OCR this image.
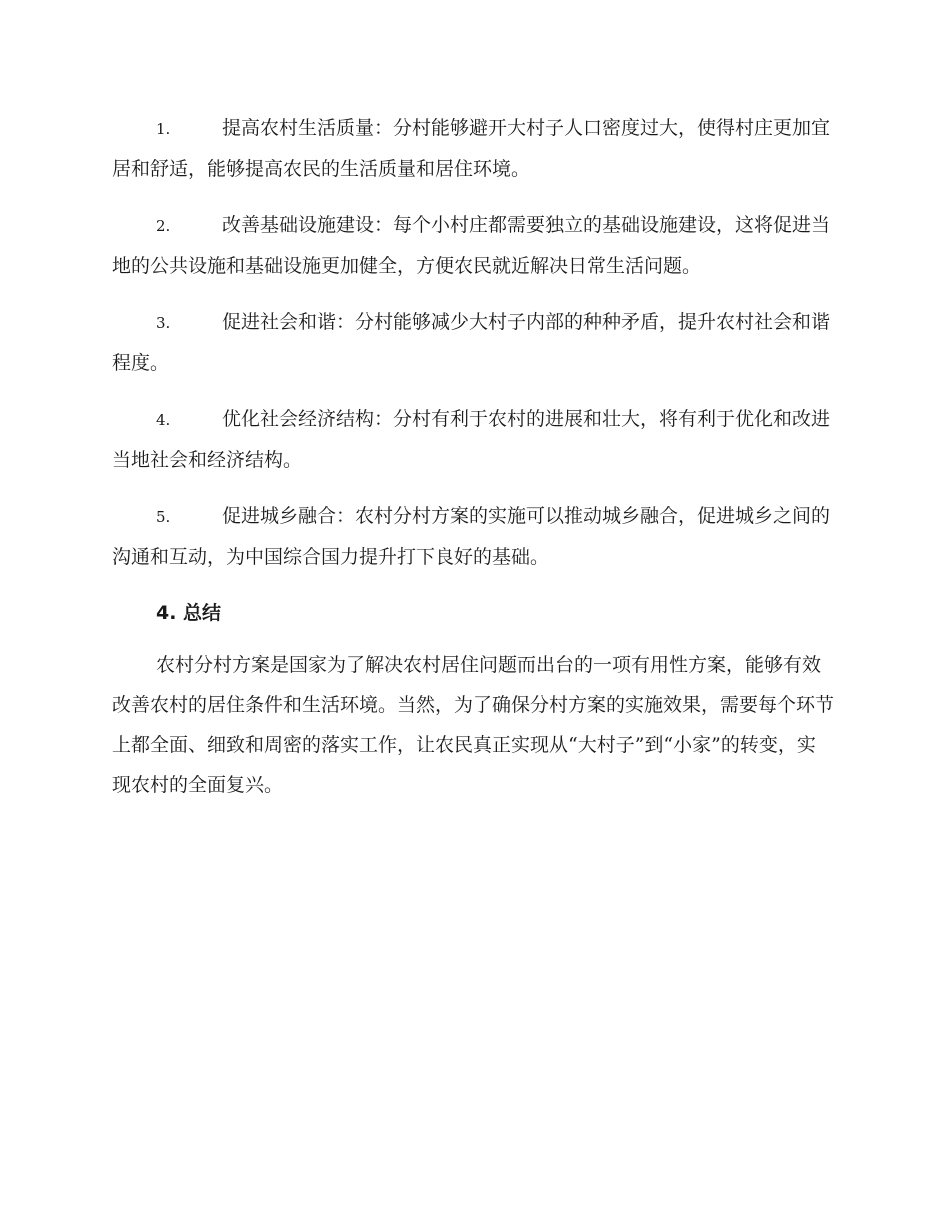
1.	提高农村生活质量：分村能够避开大村子人口密度过大，使得村庄更加宜居和舒适，能够提高农民的生活质量和居住环境。

2.	改善基础设施建设：每个小村庄都需要独立的基础设施建设，这将促进当地的公共设施和基础设施更加健全，方便农民就近解决日常生活问题。

3.	促进社会和谐：分村能够减少大村子内部的种种矛盾，提升农村社会和谐程度。

4.	优化社会经济结构：分村有利于农村的进展和壮大，将有利于优化和改进当地社会和经济结构。

5.	促进城乡融合：农村分村方案的实施可以推动城乡融合，促进城乡之间的沟通和互动，为中国综合国力提升打下良好的基础。

4. 总结

农村分村方案是国家为了解决农村居住问题而出台的一项有用性方案，能够有效改善农村的居住条件和生活环境。当然，为了确保分村方案的实施效果，需要每个环节上都全面、细致和周密的落实工作，让农民真正实现从“大村子”到“小家”的转变，实现农村的全面复兴。
